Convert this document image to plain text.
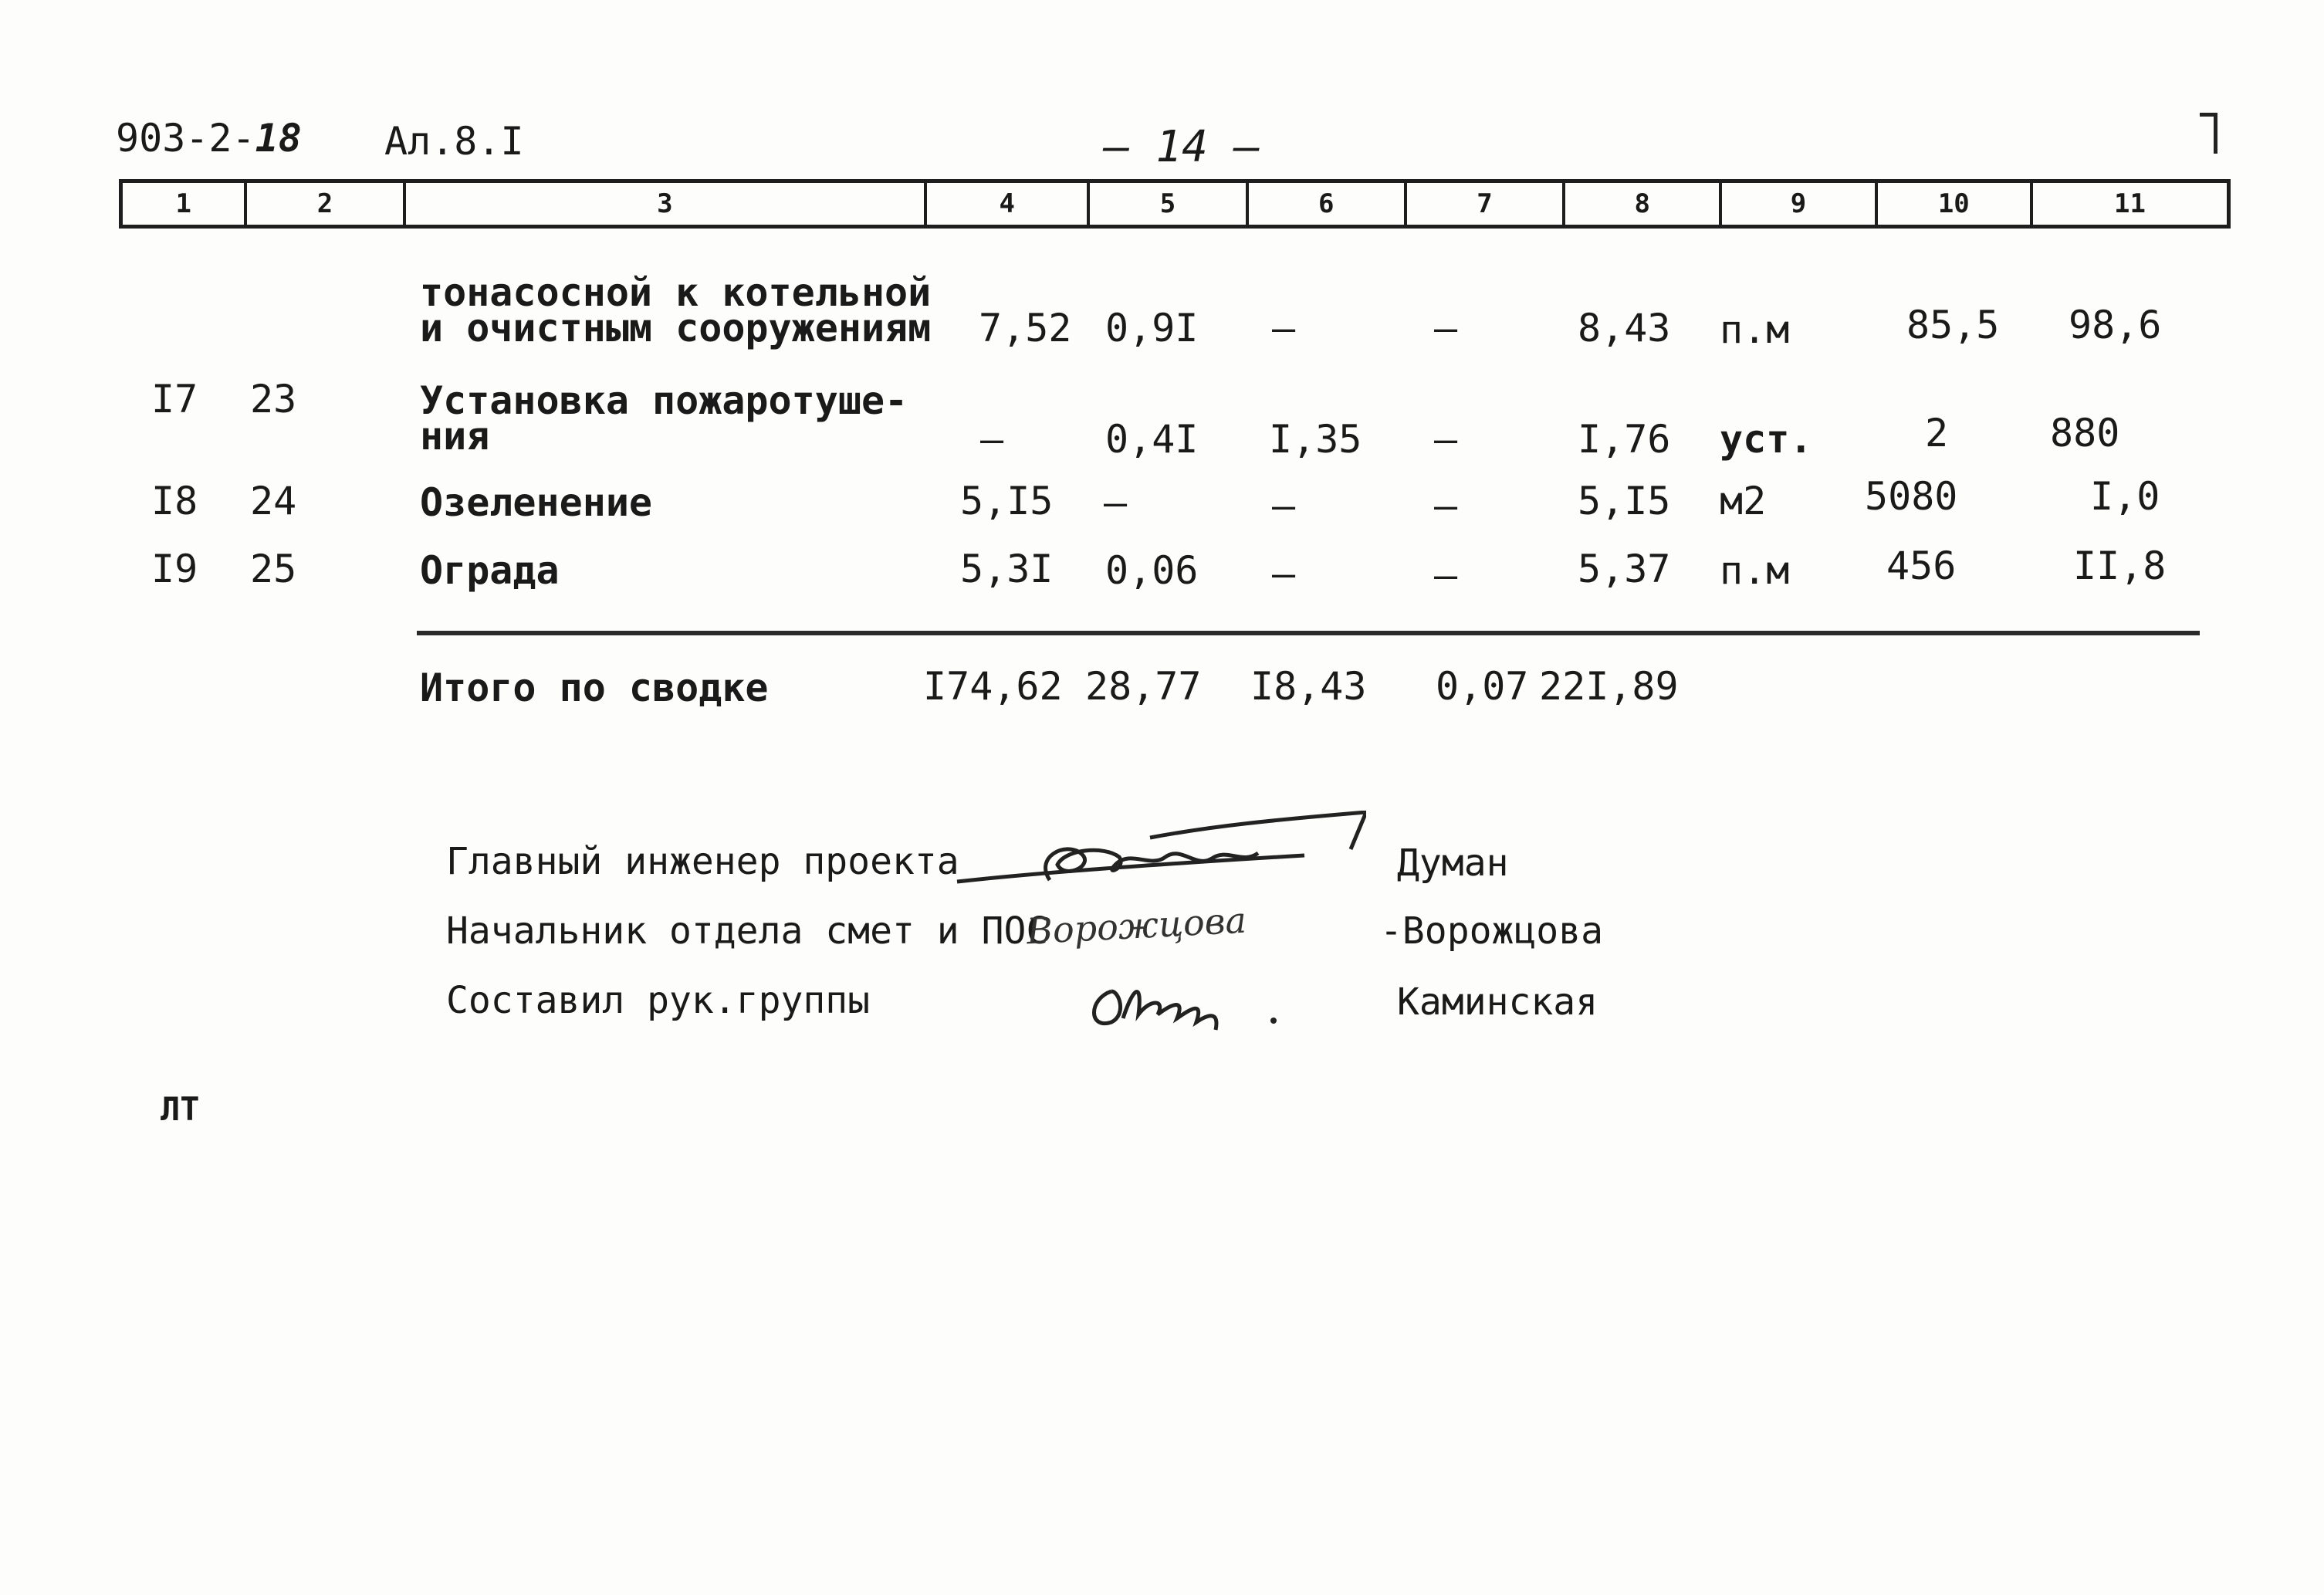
903-2-18 Ал.8.I	— 14 —
1	2	3	4	5	6	7	8	9	10	11
тонасосной к котельной
и очистным сооружениям 7,52 0,9I –	–	8,43 п.м	85,5 98,6
I7 23	Установка пожаротуше-
ния	–	0,4I I,35 –	I,76 уст.	2	880
I8 24	Озеленение	5,I5 –	–	–	5,I5 м2	5080	I,0
I9 25	Ограда	5,3I 0,06 –	–	5,37 п.м	456	II,8
Итого по сводке	I74,62 28,77 I8,43 0,07 22I,89
Главный инженер проекта	Думан
Начальник отдела смет и ПОС
Ворожцова	-Ворожцова
Составил рук.группы	Каминская
ЛТ
